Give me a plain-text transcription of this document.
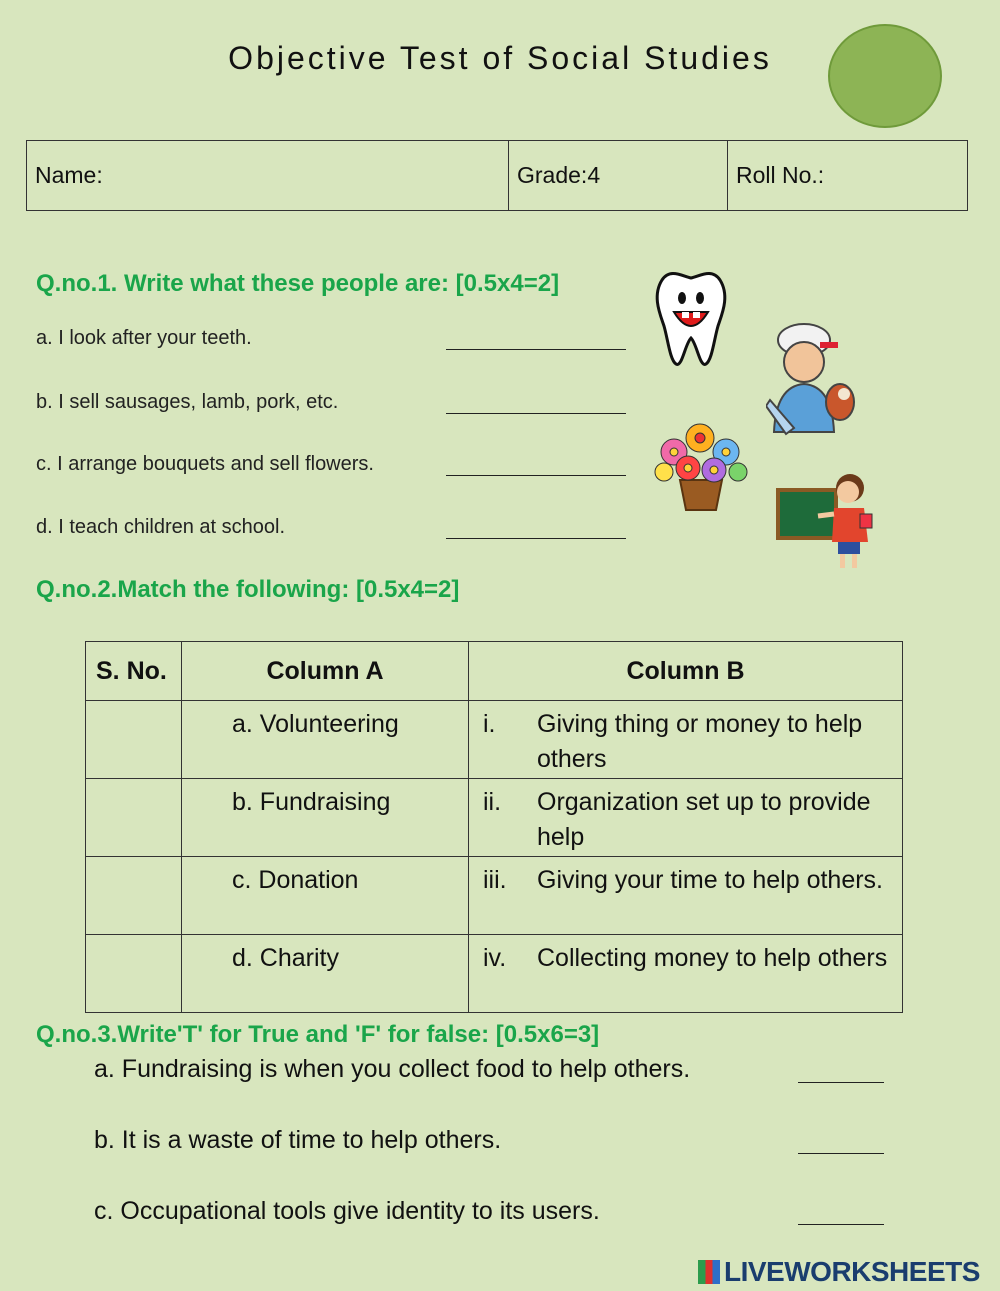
Objective Test of Social Studies
Name:	Grade:4	Roll No.:
Q.no.1. Write what these people are: [0.5x4=2]
a. I look after your teeth.
b. I sell sausages, lamb, pork, etc.
c. I arrange bouquets and sell flowers.
d. I teach children at school.
Q.no.2.Match the following: [0.5x4=2]
S. No.	Column A	Column B
	a. Volunteering	i. Giving thing or money to help others
	b. Fundraising	ii. Organization set up to provide help
	c. Donation	iii. Giving your time to help others.
	d. Charity	iv. Collecting money to help others
Q.no.3.Write'T' for True and 'F' for false: [0.5x6=3]
a. Fundraising is when you collect food to help others.
b. It is a waste of time to help others.
c. Occupational tools give identity to its users.
LIVEWORKSHEETS
